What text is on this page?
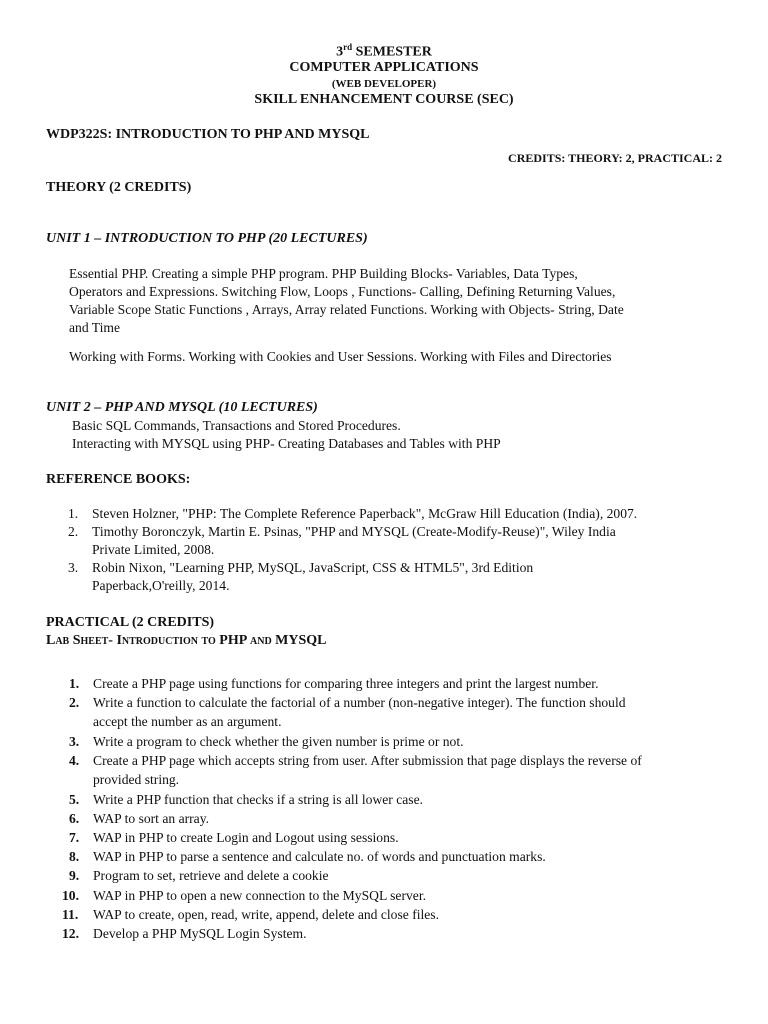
3rd SEMESTER
COMPUTER APPLICATIONS
(WEB DEVELOPER)
SKILL ENHANCEMENT COURSE (SEC)
WDP322S: INTRODUCTION TO PHP AND MYSQL
CREDITS: THEORY: 2, PRACTICAL: 2
THEORY (2 CREDITS)
UNIT 1 – INTRODUCTION TO PHP (20 LECTURES)
Essential PHP. Creating a simple PHP program. PHP Building Blocks- Variables, Data Types,
Operators and Expressions. Switching Flow, Loops , Functions- Calling, Defining Returning Values,
Variable Scope Static Functions , Arrays, Array related Functions. Working with Objects- String, Date
and Time
Working with Forms. Working with Cookies and User Sessions. Working with Files and Directories
UNIT 2 – PHP AND MYSQL (10 LECTURES)
Basic SQL Commands, Transactions and Stored Procedures.
Interacting with MYSQL using PHP- Creating Databases and Tables with PHP
REFERENCE BOOKS:
1. Steven Holzner, "PHP: The Complete Reference Paperback", McGraw Hill Education (India), 2007.
2. Timothy Boronczyk, Martin E. Psinas, "PHP and MYSQL (Create-Modify-Reuse)", Wiley India
Private Limited, 2008.
3. Robin Nixon, "Learning PHP, MySQL, JavaScript, CSS & HTML5", 3rd Edition
Paperback,O'reilly, 2014.
PRACTICAL (2 CREDITS)
Lab Sheet- Introduction to PHP and MYSQL
1. Create a PHP page using functions for comparing three integers and print the largest number.
2. Write a function to calculate the factorial of a number (non-negative integer). The function should
accept the number as an argument.
3. Write a program to check whether the given number is prime or not.
4. Create a PHP page which accepts string from user. After submission that page displays the reverse of
provided string.
5. Write a PHP function that checks if a string is all lower case.
6. WAP to sort an array.
7. WAP in PHP to create Login and Logout using sessions.
8. WAP in PHP to parse a sentence and calculate no. of words and punctuation marks.
9. Program to set, retrieve and delete a cookie
10. WAP in PHP to open a new connection to the MySQL server.
11. WAP to create, open, read, write, append, delete and close files.
12. Develop a PHP MySQL Login System.
